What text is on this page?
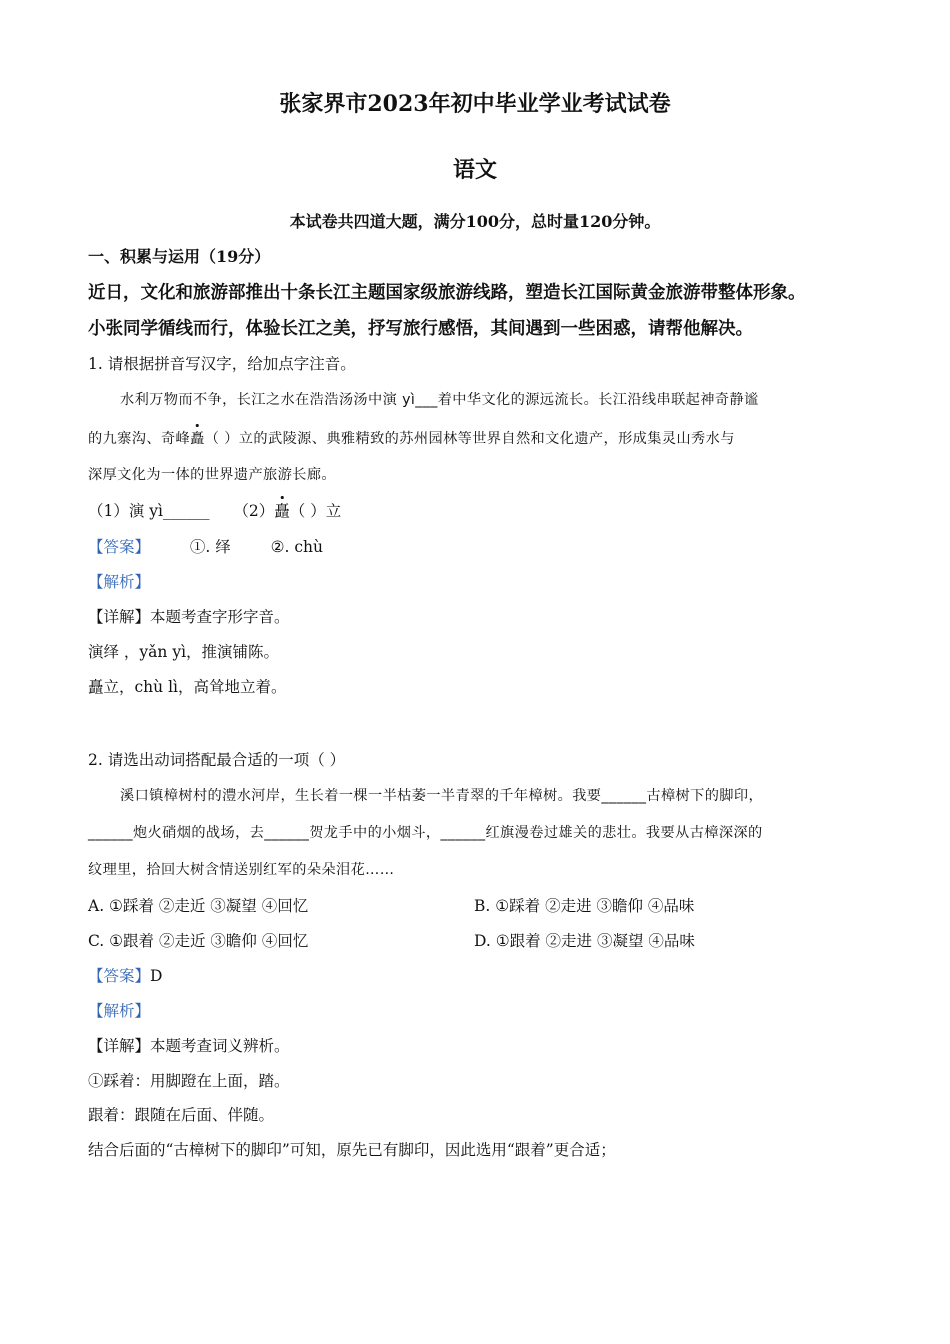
张家界市2023年初中毕业学业考试试卷
语文
本试卷共四道大题，满分100分，总时量120分钟。
一、积累与运用（19分）
近日，文化和旅游部推出十条长江主题国家级旅游线路，塑造长江国际黄金旅游带整体形象。
小张同学循线而行，体验长江之美，抒写旅行感悟，其间遇到一些困惑，请帮他解决。
1. 请根据拼音写汉字，给加点字注音。
水利万物而不争，长江之水在浩浩汤汤中演 yì___着中华文化的源远流长。长江沿线串联起神奇静谧
的九寨沟、奇峰矗（ ）立的武陵源、典雅精致的苏州园林等世界自然和文化遗产，形成集灵山秀水与
深厚文化为一体的世界遗产旅游长廊。
（1）演 yì______ （2）矗（ ）立
【答案】	①. 绎	②. chù
【解析】
【详解】本题考查字形字音。
演绎 ，yǎn yì，推演铺陈。
矗立，chù lì，高耸地立着。
2. 请选出动词搭配最合适的一项（ ）
溪口镇樟树村的澧水河岸，生长着一棵一半枯萎一半青翠的千年樟树。我要______古樟树下的脚印，
______炮火硝烟的战场，去______贺龙手中的小烟斗，______红旗漫卷过雄关的悲壮。我要从古樟深深的
纹理里，拾回大树含情送别红军的朵朵泪花……
A. ①踩着 ②走近 ③凝望 ④回忆	B. ①踩着 ②走进 ③瞻仰 ④品味
C. ①跟着 ②走近 ③瞻仰 ④回忆	D. ①跟着 ②走进 ③凝望 ④品味
【答案】D
【解析】
【详解】本题考查词义辨析。
①踩着：用脚蹬在上面，踏。
跟着：跟随在后面、伴随。
结合后面的“古樟树下的脚印”可知，原先已有脚印，因此选用“跟着”更合适；
